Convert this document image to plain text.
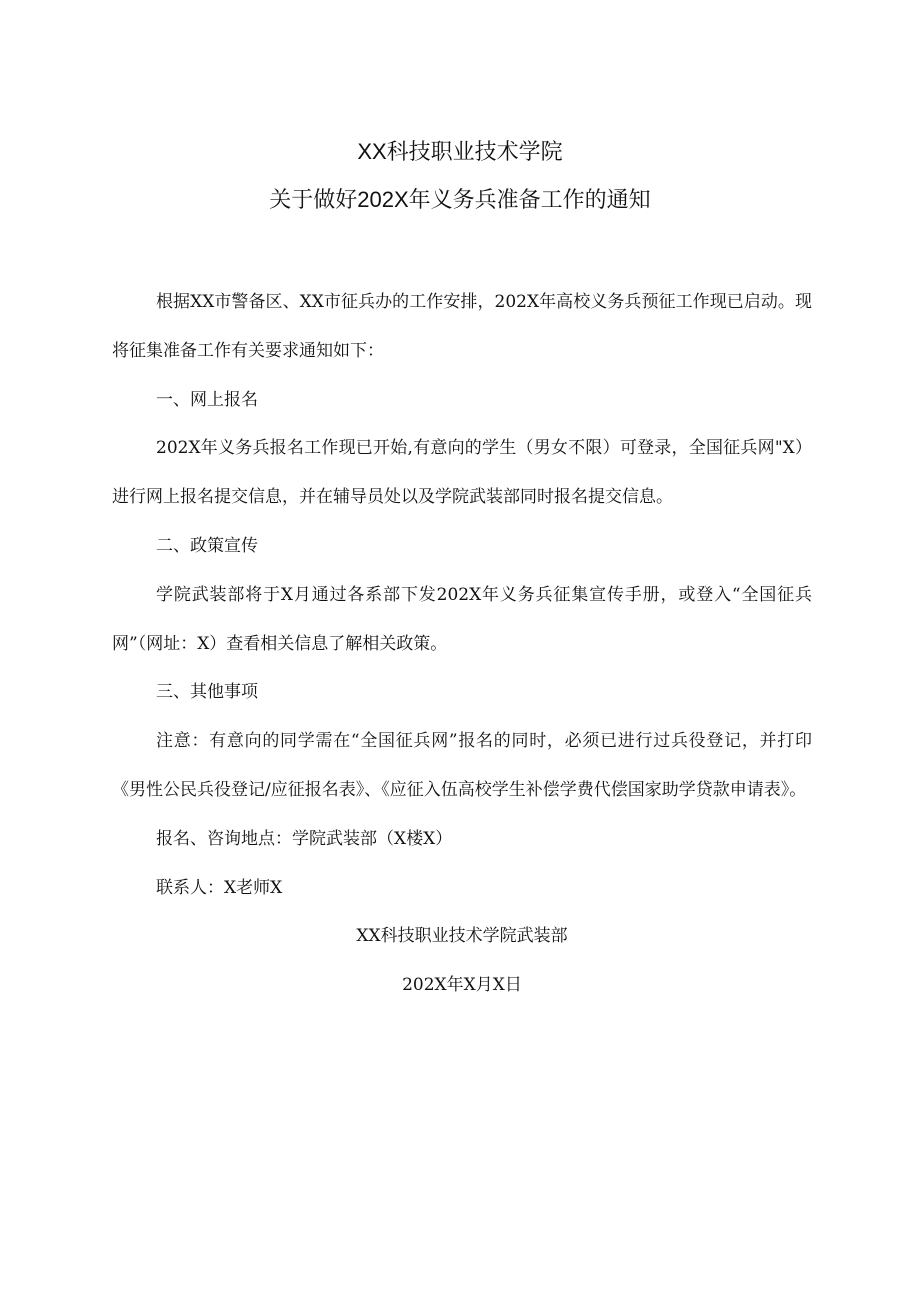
XX科技职业技术学院
关于做好202X年义务兵准备工作的通知

根据XX市警备区、XX市征兵办的工作安排，202X年高校义务兵预征工作现已启动。现将征集准备工作有关要求通知如下：

一、网上报名

202X年义务兵报名工作现已开始,有意向的学生（男女不限）可登录，全国征兵网"X）进行网上报名提交信息，并在辅导员处以及学院武装部同时报名提交信息。

二、政策宣传

学院武装部将于X月通过各系部下发202X年义务兵征集宣传手册，或登入“全国征兵网”（网址：X）查看相关信息了解相关政策。

三、其他事项

注意：有意向的同学需在“全国征兵网”报名的同时，必须已进行过兵役登记，并打印《男性公民兵役登记/应征报名表》、《应征入伍高校学生补偿学费代偿国家助学贷款申请表》。

报名、咨询地点：学院武装部（X楼X）

联系人：X老师X

XX科技职业技术学院武装部

202X年X月X日
